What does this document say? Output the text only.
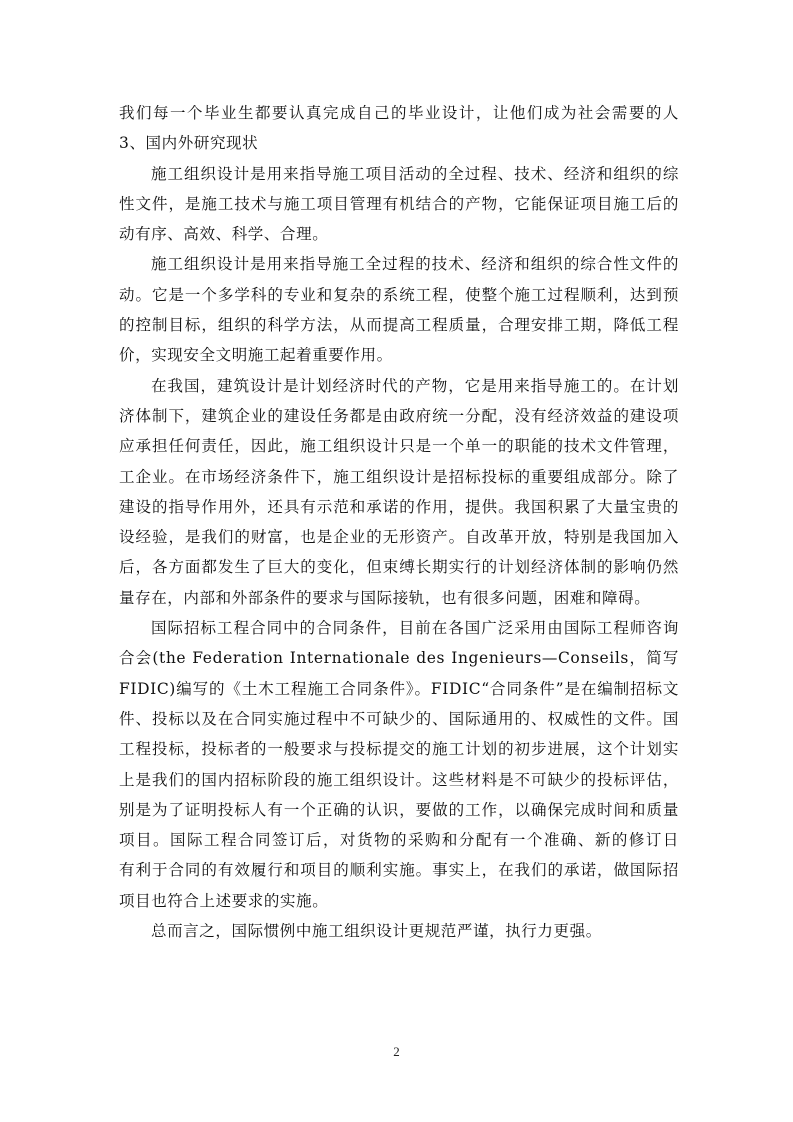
我们每一个毕业生都要认真完成自己的毕业设计，让他们成为社会需要的人
3、国内外研究现状
施工组织设计是用来指导施工项目活动的全过程、技术、经济和组织的综
性文件，是施工技术与施工项目管理有机结合的产物，它能保证项目施工后的
动有序、高效、科学、合理。
施工组织设计是用来指导施工全过程的技术、经济和组织的综合性文件的
动。它是一个多学科的专业和复杂的系统工程，使整个施工过程顺利，达到预
的控制目标，组织的科学方法，从而提高工程质量，合理安排工期，降低工程
价，实现安全文明施工起着重要作用。
在我国，建筑设计是计划经济时代的产物，它是用来指导施工的。在计划
济体制下，建筑企业的建设任务都是由政府统一分配，没有经济效益的建设项
应承担任何责任，因此，施工组织设计只是一个单一的职能的技术文件管理，
工企业。在市场经济条件下，施工组织设计是招标投标的重要组成部分。除了
建设的指导作用外，还具有示范和承诺的作用，提供。我国积累了大量宝贵的
设经验，是我们的财富，也是企业的无形资产。自改革开放，特别是我国加入
后，各方面都发生了巨大的变化，但束缚长期实行的计划经济体制的影响仍然
量存在，内部和外部条件的要求与国际接轨，也有很多问题，困难和障碍。
国际招标工程合同中的合同条件，目前在各国广泛采用由国际工程师咨询
合会(the Federation Internationale des Ingenieurs—Conseils，简写
FIDIC)编写的《土木工程施工合同条件》。FIDIC“合同条件”是在编制招标文
件、投标以及在合同实施过程中不可缺少的、国际通用的、权威性的文件。国
工程投标，投标者的一般要求与投标提交的施工计划的初步进展，这个计划实
上是我们的国内招标阶段的施工组织设计。这些材料是不可缺少的投标评估，
别是为了证明投标人有一个正确的认识，要做的工作，以确保完成时间和质量
项目。国际工程合同签订后，对货物的采购和分配有一个准确、新的修订日
有利于合同的有效履行和项目的顺利实施。事实上，在我们的承诺，做国际招
项目也符合上述要求的实施。
总而言之，国际惯例中施工组织设计更规范严谨，执行力更强。
2
